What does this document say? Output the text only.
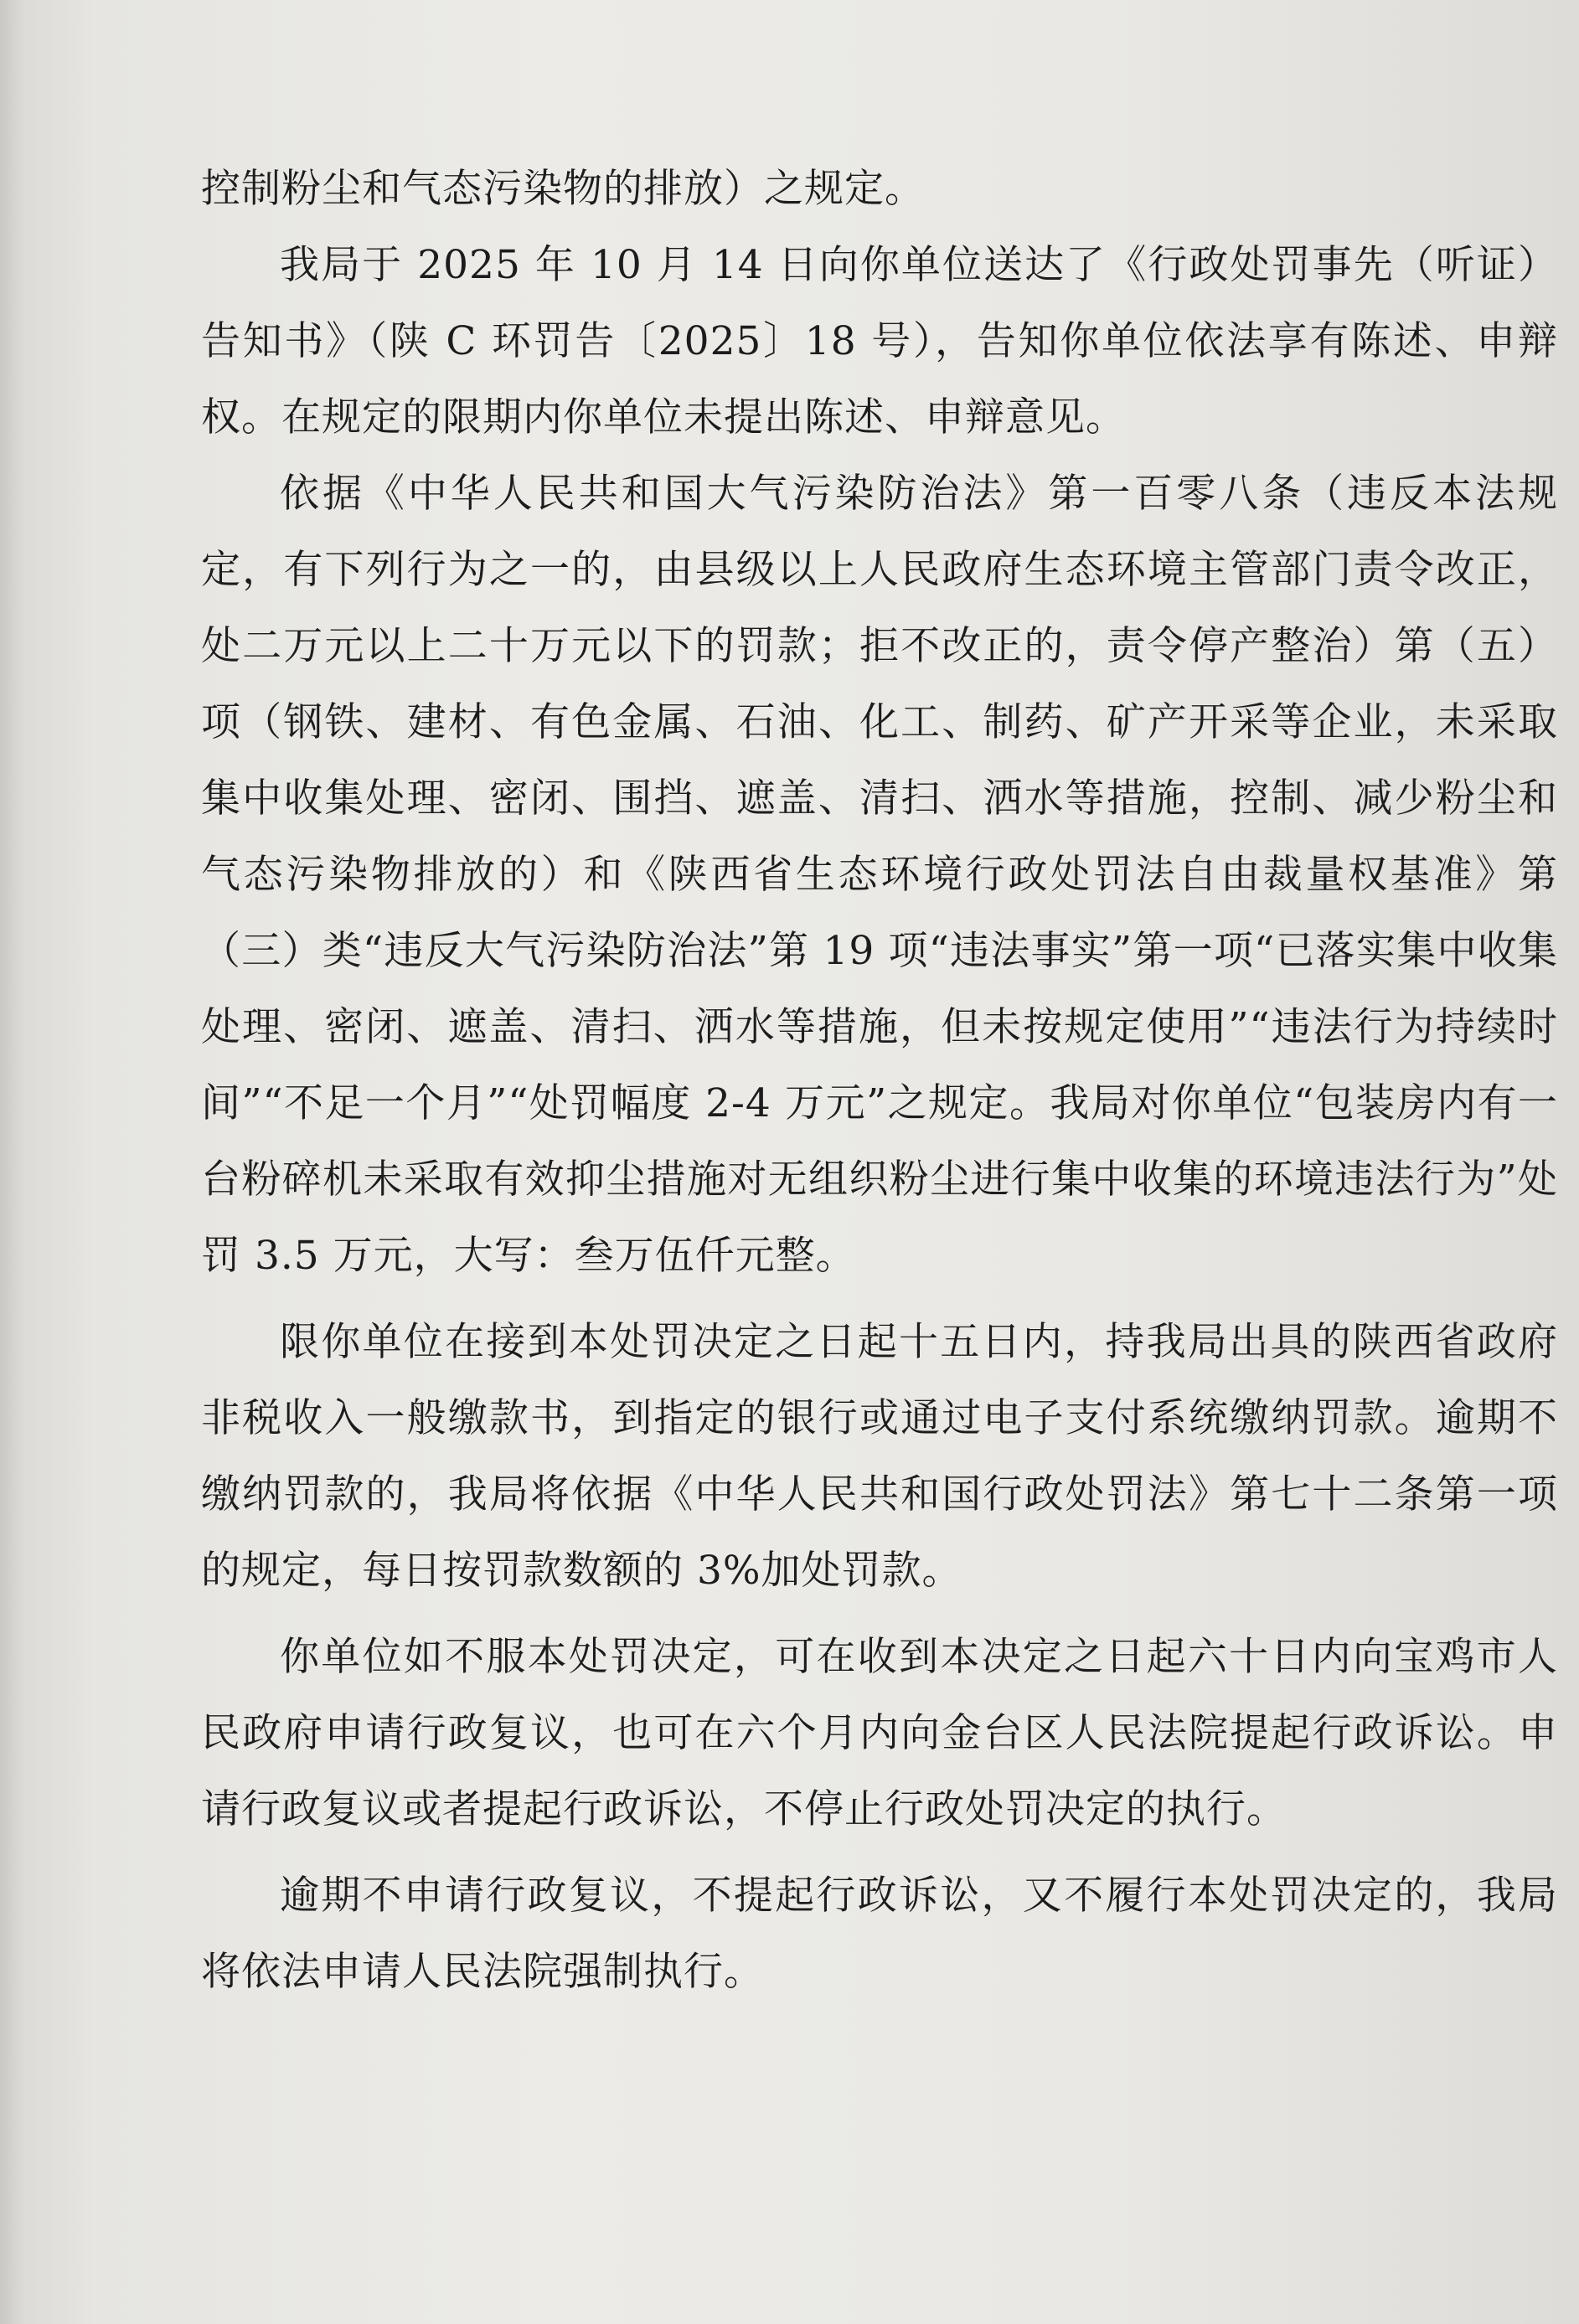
控制粉尘和气态污染物的排放）之规定。

我局于 2025 年 10 月 14 日向你单位送达了《行政处罚事先（听证）告知书》（陕 C 环罚告〔2025〕18 号），告知你单位依法享有陈述、申辩权。在规定的限期内你单位未提出陈述、申辩意见。

依据《中华人民共和国大气污染防治法》第一百零八条（违反本法规定，有下列行为之一的，由县级以上人民政府生态环境主管部门责令改正，处二万元以上二十万元以下的罚款；拒不改正的，责令停产整治）第（五）项（钢铁、建材、有色金属、石油、化工、制药、矿产开采等企业，未采取集中收集处理、密闭、围挡、遮盖、清扫、洒水等措施，控制、减少粉尘和气态污染物排放的）和《陕西省生态环境行政处罚法自由裁量权基准》第（三）类“违反大气污染防治法”第 19 项“违法事实”第一项“已落实集中收集处理、密闭、遮盖、清扫、洒水等措施，但未按规定使用”“违法行为持续时间”“不足一个月”“处罚幅度 2-4 万元”之规定。我局对你单位“包装房内有一台粉碎机未采取有效抑尘措施对无组织粉尘进行集中收集的环境违法行为”处罚 3.5 万元，大写：叁万伍仟元整。

限你单位在接到本处罚决定之日起十五日内，持我局出具的陕西省政府非税收入一般缴款书，到指定的银行或通过电子支付系统缴纳罚款。逾期不缴纳罚款的，我局将依据《中华人民共和国行政处罚法》第七十二条第一项的规定，每日按罚款数额的 3%加处罚款。

你单位如不服本处罚决定，可在收到本决定之日起六十日内向宝鸡市人民政府申请行政复议，也可在六个月内向金台区人民法院提起行政诉讼。申请行政复议或者提起行政诉讼，不停止行政处罚决定的执行。

逾期不申请行政复议，不提起行政诉讼，又不履行本处罚决定的，我局将依法申请人民法院强制执行。
